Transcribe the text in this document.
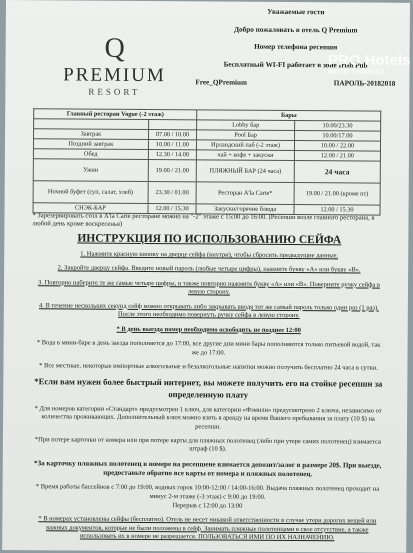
Q
PREMIUM
RESORT
Уважаемые гости
Добро пожаловать в отель Q Premium
Номер телефона ресепшн
Бесплатный WI-FI работает в зоне Irish Pub
Free_QPremium	ПАРОЛЬ-20182018
Главный ресторан Vogue (-2 этаж)		Бары	
		Lobby бар	10.00/23.30
Завтрак	07.00 / 10.00	Pool Бар	10.00/17.00
Поздний завтрак	10.00 / 11.00	Ирландский паб (-2 этаж)	10.00 / 22.00
Обед	12.30 / 14.00	чай + кофе + закуски	12.00 / 21.00
Ужин	19.00 / 21.00	ПЛЯЖНЫЙ БАР (24 часа)	24 часа
Ночной буфет (суп, салат, хлеб)	23.30 / 01.00	Ресторан A'la Carte*	19.00 / 21.00 (кроме пт)
СНЭК-БАР	12.00 / 15.30	Закуски/горячие блюда	12.00 / 15.30
* Зарезервировать стол в A'la Carte ресторане можно на "-2" этаже с 15:00 до 16:00. (Ресепшн возле главного ресторана, в любой день кроме воскресенья)
ИНСТРУКЦИЯ ПО ИСПОЛЬЗОВАНИЮ СЕЙФА

1. Нажмите красную кнопку на дверце сейфа (внутри), чтобы сбросить предыдущие данные.

2. Закройте дверцу сейфа. Введите новый пароль (любые четыре цифры), нажмите букву «А» или букву «B».

3. Повторно наберите те же самые четыре цифры, и также повторно нажмите букву «А» или «B». Поверните ручку сейфа в левую сторону.

4. В течение нескольких секунд сейф можно открывать либо закрывать вводя тот же самый пароль только один раз (1 раз). После этого необходимо повернуть ручку сейфа в левую сторону.

* В день выезда номер необходимо освободить не позднее 12:00

* Вода в мини-баре в день заезда пополняется до 17:00, все другие дни мини бары пополняются только питьевой водой, так же до 17:00.

* Все местные, некоторые импортные алкогольные и безалкогольные напитки можно получить бесплатно 24 часа в сутки.

*Если вам нужен более быстрый интернет, вы можете получить его на стойке ресепшн за определенную плату

* Для номеров категории «Стандарт» предусмотрен 1 ключ, для категории «Фэмили» предусмотрено 2 ключа, независимо от количества проживающих. Дополнительный ключ можно взять в аренду на время Вашего пребывания за плату (10 $) на ресепшн.

*При потере карточки от номера или при потере карты для пляжных полотенец (либо при утере самих полотенец) взимается штраф (10 $).

*За карточку пляжных полотенец в номере на ресепшене взимается депозит/залог в размере 20$. При выезде, предоставьте обратно все карты от номера и пляжных полотенец.

* Время работы бассейнов с 7:00 до 19:00, водных горок 10:00-12:00 / 14:00-16:00. Выдача пляжных полотенец проходит на минус 2-м этаже (-3 этаж) с 9:00 до 19:00.

Перерыв с 12:00 до 13:00

* В номерах установлены сейфы (бесплатно). Отель не несет никакой ответственности в случае утери дорогих вещей или важных документов, которые не были положены в сейф. Занимать пляжные полотенцами в свое отсутствие, а также использовать их в номере не разрешается. ПОЛЬЗОВАТЬСЯ ИМИ ПО ИХ НАЗНАЧЕНИЮ.

PRO Hotels
ФОТО ТУРИСТА
